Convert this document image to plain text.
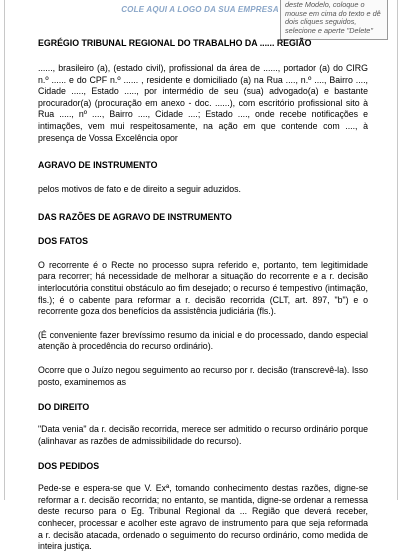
COLE AQUI A LOGO DA SUA EMPRESA
deste Modelo, coloque o mouse em cima do texto e dê dois cliques seguidos, selecione e aperte "Delete"

EGRÉGIO TRIBUNAL REGIONAL DO TRABALHO DA ...... REGIÃO

......, brasileiro (a), (estado civil), profissional da área de ......, portador (a) do CIRG n.º ...... e do CPF n.º ...... , residente e domiciliado (a) na Rua ...., n.º ...., Bairro ...., Cidade ....., Estado ....., por intermédio de seu (sua) advogado(a) e bastante procurador(a) (procuração em anexo - doc. ......), com escritório profissional sito à Rua ....., nº ...., Bairro ...., Cidade ....; Estado ...., onde recebe notificações e intimações, vem mui respeitosamente, na ação em que contende com ...., à presença de Vossa Excelência opor

AGRAVO DE INSTRUMENTO

pelos motivos de fato e de direito a seguir aduzidos.

DAS RAZÕES DE AGRAVO DE INSTRUMENTO

DOS FATOS

O recorrente é o Recte no processo supra referido e, portanto, tem legitimidade para recorrer; há necessidade de melhorar a situação do recorrente e a r. decisão interlocutória constitui obstáculo ao fim desejado; o recurso é tempestivo (intimação, fls.); é o cabente para reformar a r. decisão recorrida (CLT, art. 897, "b") e o recorrente goza dos benefícios da assistência judiciária (fls.).

(É conveniente fazer brevíssimo resumo da inicial e do processado, dando especial atenção à procedência do recurso ordinário).

Ocorre que o Juízo negou seguimento ao recurso por r. decisão (transcrevê-la). Isso posto, examinemos as

DO DIREITO

"Data venia" da r. decisão recorrida, merece ser admitido o recurso ordinário porque (alinhavar as razões de admissibilidade do recurso).

DOS PEDIDOS

Pede-se e espera-se que V. Exª, tomando conhecimento destas razões, digne-se reformar a r. decisão recorrida; no entanto, se mantida, digne-se ordenar a remessa deste recurso para o Eg. Tribunal Regional da ... Região que deverá receber, conhecer, processar e acolher este agravo de instrumento para que seja reformada a r. decisão atacada, ordenado o seguimento do recurso ordinário, como medida de inteira justiça.
